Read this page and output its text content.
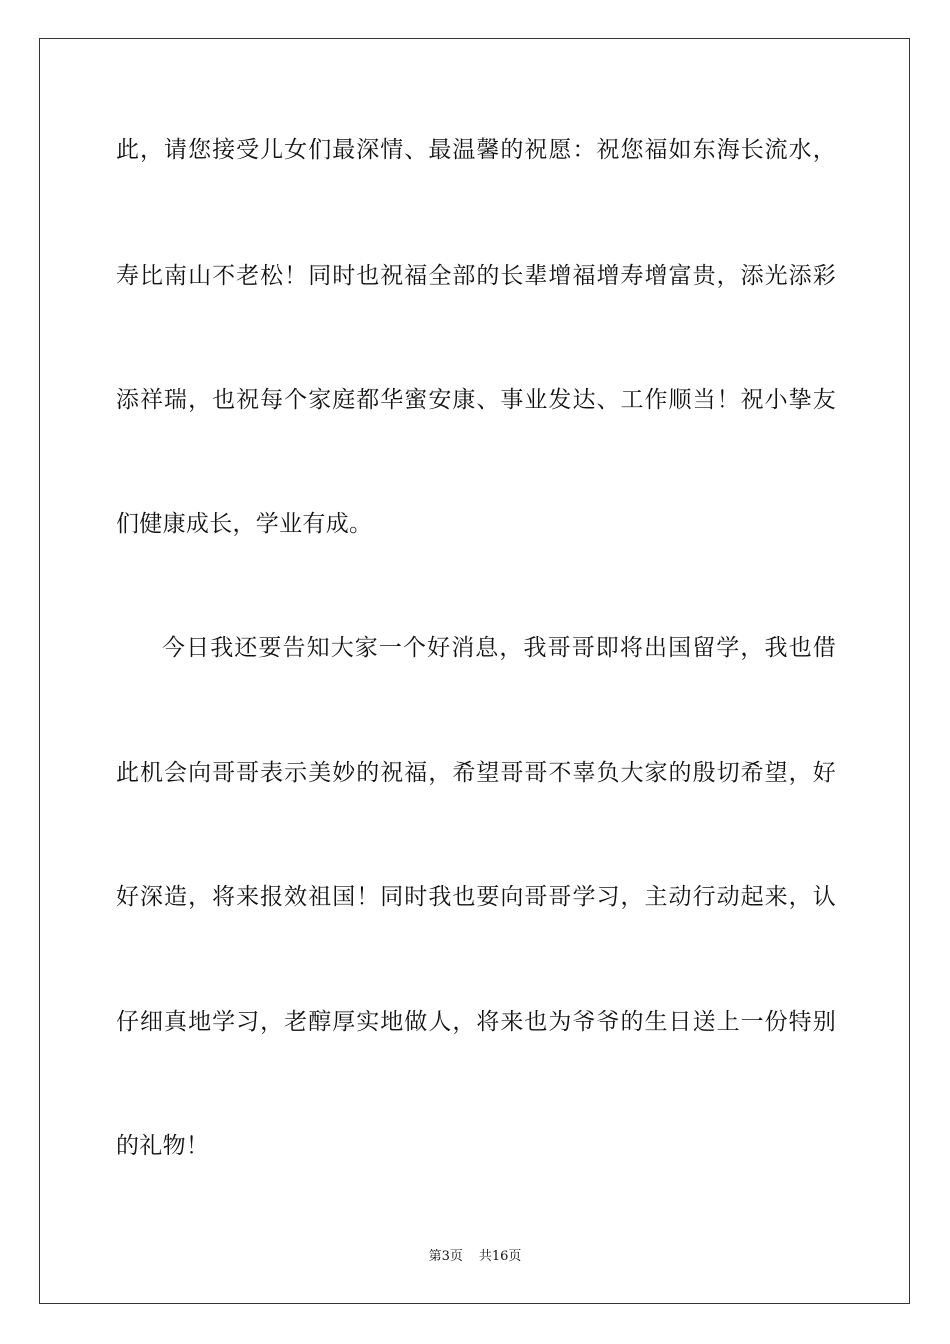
此，请您接受儿女们最深情、最温馨的祝愿：祝您福如东海长流水，
寿比南山不老松！同时也祝福全部的长辈增福增寿增富贵，添光添彩
添祥瑞，也祝每个家庭都华蜜安康、事业发达、工作顺当！祝小挚友
们健康成长，学业有成。
今日我还要告知大家一个好消息，我哥哥即将出国留学，我也借
此机会向哥哥表示美妙的祝福，希望哥哥不辜负大家的殷切希望，好
好深造，将来报效祖国！同时我也要向哥哥学习，主动行动起来，认
仔细真地学习，老醇厚实地做人，将来也为爷爷的生日送上一份特别
的礼物！
第3页 共16页
